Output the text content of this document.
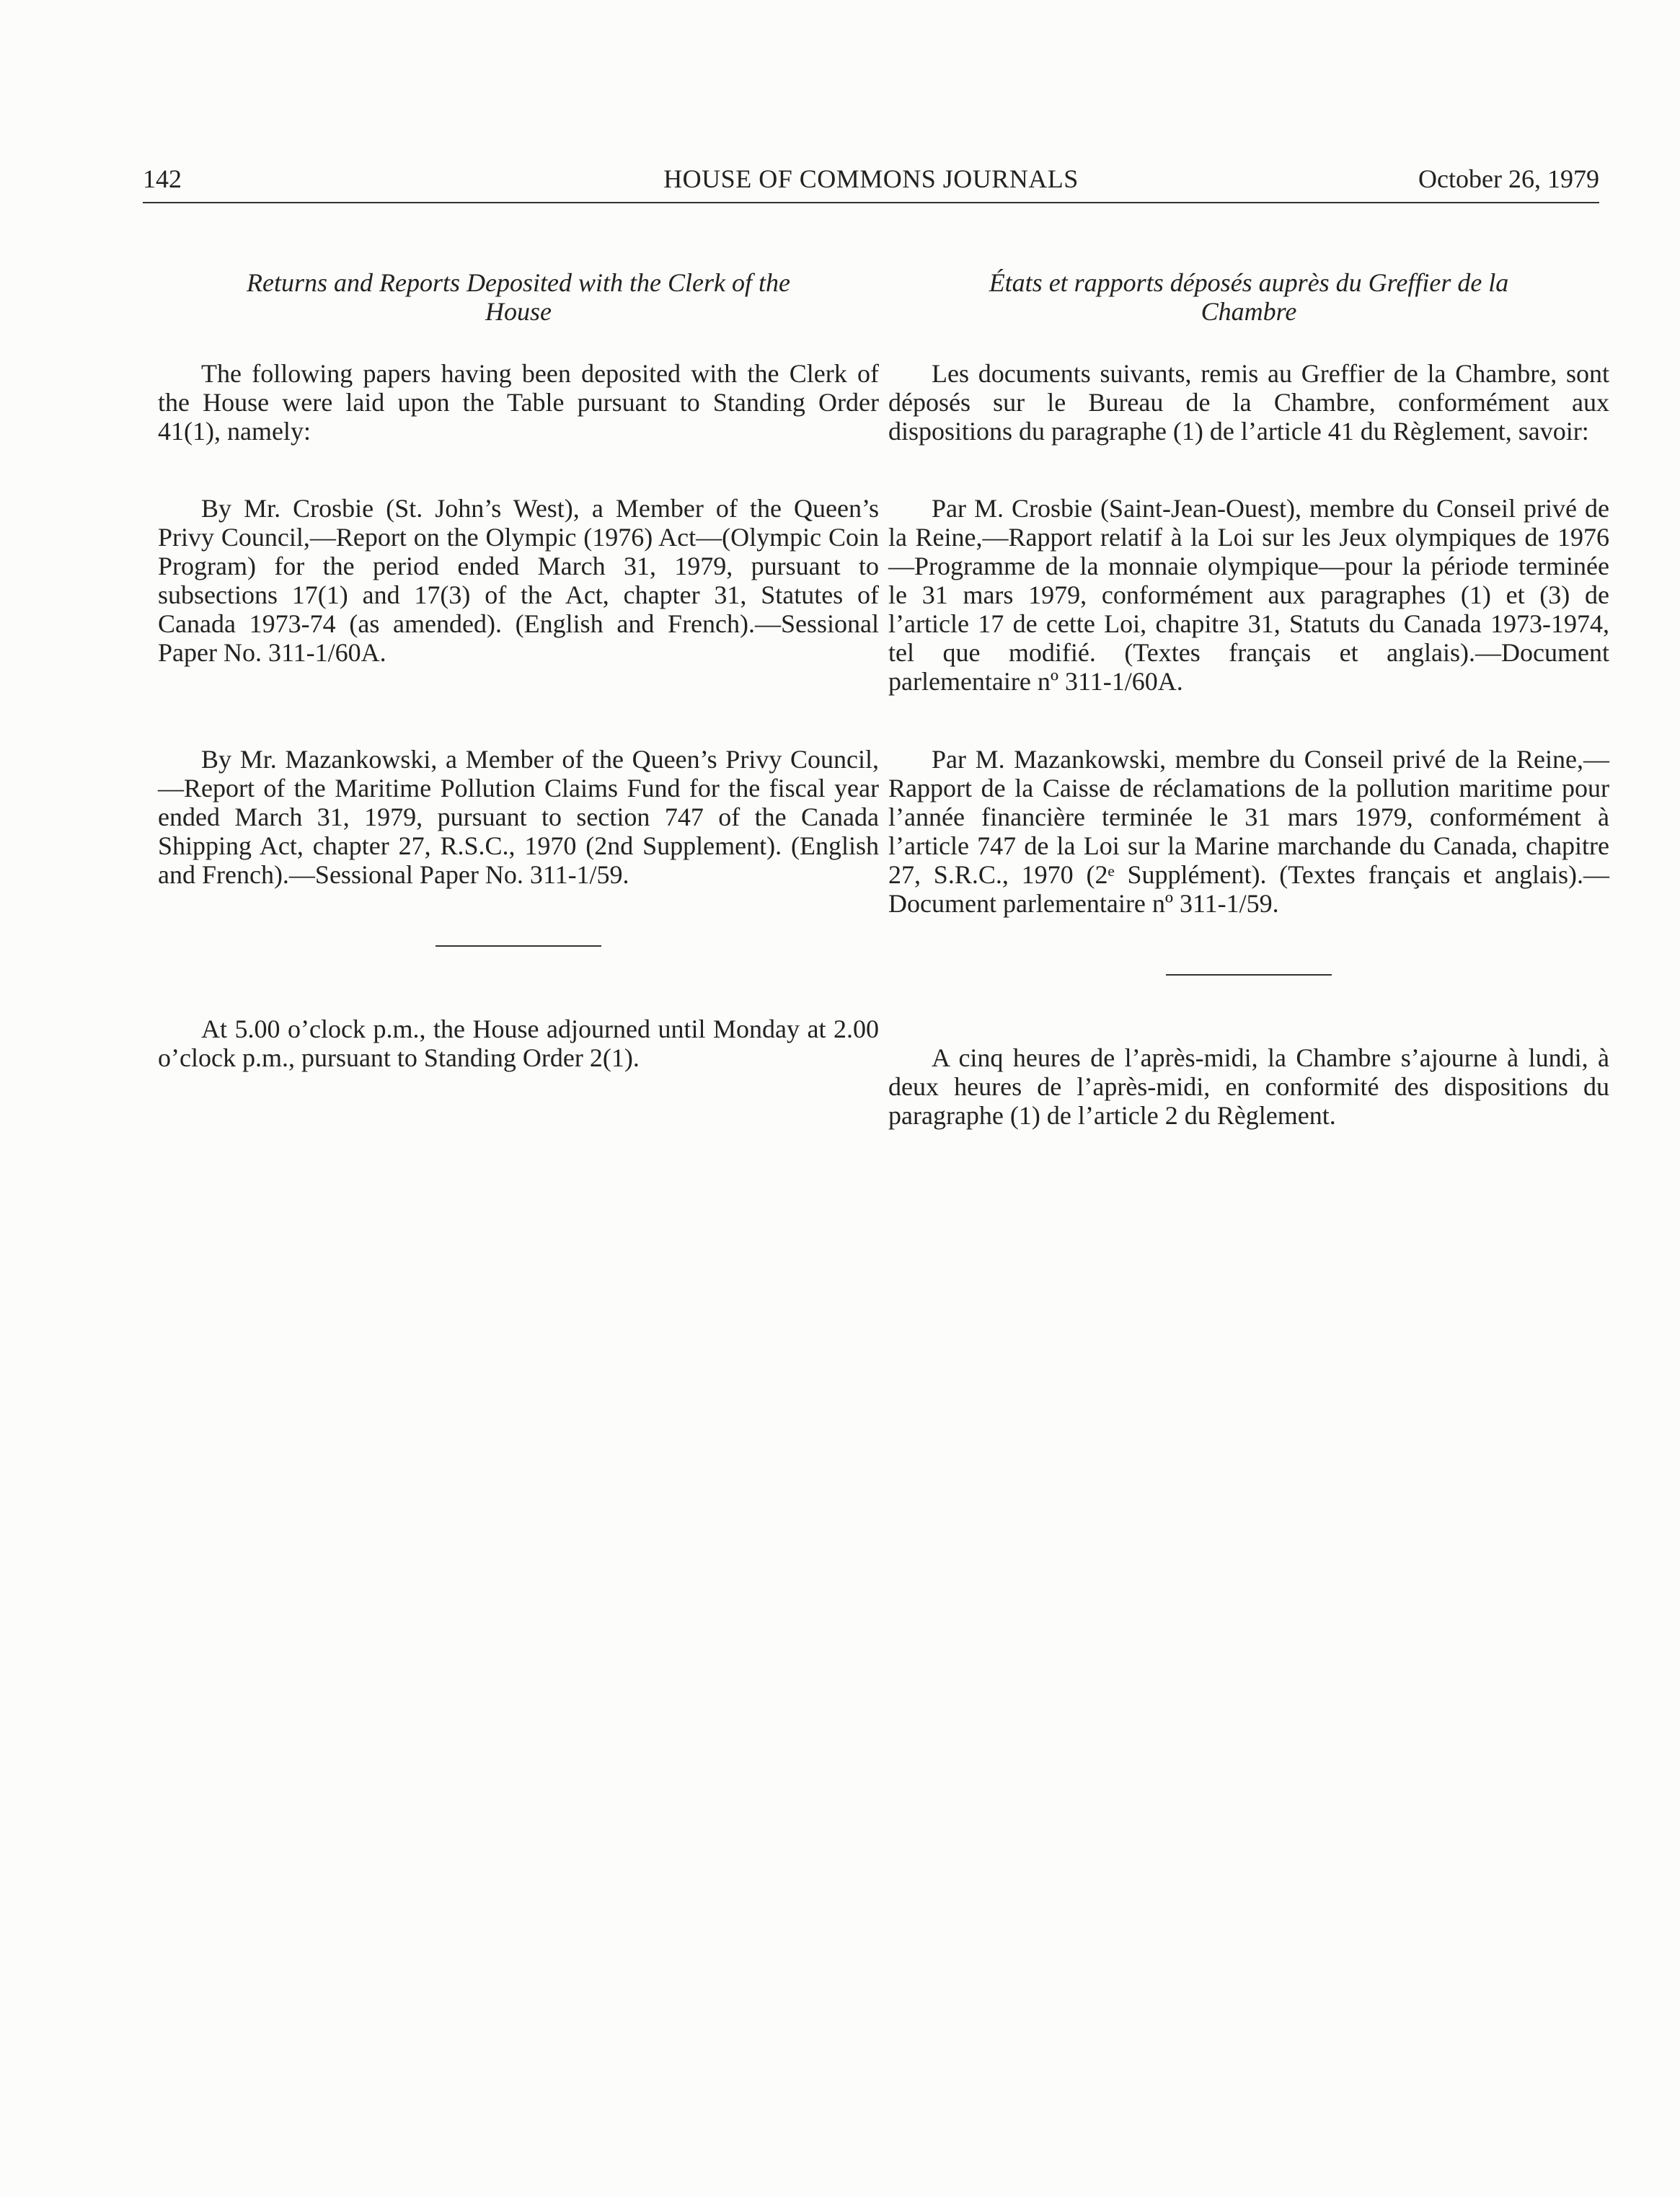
142	HOUSE OF COMMONS JOURNALS	October 26, 1979

Returns and Reports Deposited with the Clerk of the House

The following papers having been deposited with the Clerk of the House were laid upon the Table pursuant to Standing Order 41(1), namely:

By Mr. Crosbie (St. John’s West), a Member of the Queen’s Privy Council,—Report on the Olympic (1976) Act—(Olympic Coin Program) for the period ended March 31, 1979, pursuant to subsections 17(1) and 17(3) of the Act, chapter 31, Statutes of Canada 1973-74 (as amended). (English and French).—Sessional Paper No. 311-1/60A.

By Mr. Mazankowski, a Member of the Queen’s Privy Council,—Report of the Maritime Pollution Claims Fund for the fiscal year ended March 31, 1979, pursuant to section 747 of the Canada Shipping Act, chapter 27, R.S.C., 1970 (2nd Supplement). (English and French).—Sessional Paper No. 311-1/59.

At 5.00 o’clock p.m., the House adjourned until Monday at 2.00 o’clock p.m., pursuant to Standing Order 2(1).

États et rapports déposés auprès du Greffier de la Chambre

Les documents suivants, remis au Greffier de la Chambre, sont déposés sur le Bureau de la Chambre, conformément aux dispositions du paragraphe (1) de l’article 41 du Règlement, savoir:

Par M. Crosbie (Saint-Jean-Ouest), membre du Conseil privé de la Reine,—Rapport relatif à la Loi sur les Jeux olympiques de 1976—Programme de la monnaie olympique—pour la période terminée le 31 mars 1979, conformément aux paragraphes (1) et (3) de l’article 17 de cette Loi, chapitre 31, Statuts du Canada 1973-1974, tel que modifié. (Textes français et anglais).—Document parlementaire nº 311-1/60A.

Par M. Mazankowski, membre du Conseil privé de la Reine,—Rapport de la Caisse de réclamations de la pollution maritime pour l’année financière terminée le 31 mars 1979, conformément à l’article 747 de la Loi sur la Marine marchande du Canada, chapitre 27, S.R.C., 1970 (2ᵉ Supplément). (Textes français et anglais).—Document parlementaire nº 311-1/59.

A cinq heures de l’après-midi, la Chambre s’ajourne à lundi, à deux heures de l’après-midi, en conformité des dispositions du paragraphe (1) de l’article 2 du Règlement.
